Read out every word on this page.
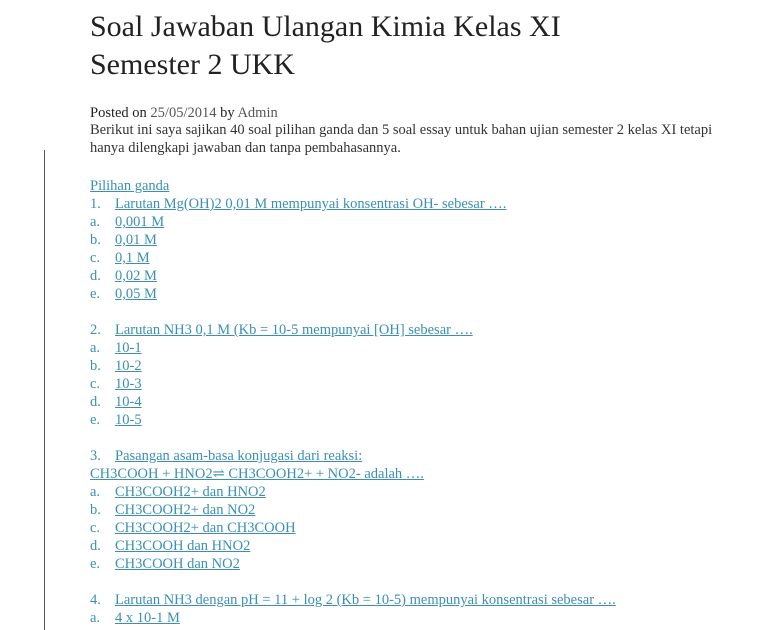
Soal Jawaban Ulangan Kimia Kelas XI
Semester 2 UKK
Posted on 25/05/2014 by Admin

Berikut ini saya sajikan 40 soal pilihan ganda dan 5 soal essay untuk bahan ujian semester 2 kelas XI tetapi hanya dilengkapi jawaban dan tanpa pembahasannya.

Pilihan ganda
1. Larutan Mg(OH)2 0,01 M mempunyai konsentrasi OH- sebesar ….
a. 0,001 M
b. 0,01 M
c. 0,1 M
d. 0,02 M
e. 0,05 M
2. Larutan NH3 0,1 M (Kb = 10-5 mempunyai [OH] sebesar ….
a. 10-1
b. 10-2
c. 10-3
d. 10-4
e. 10-5
3. Pasangan asam-basa konjugasi dari reaksi:
CH3COOH + HNO2⇌ CH3COOH2+ + NO2- adalah ….
a. CH3COOH2+ dan HNO2
b. CH3COOH2+ dan NO2
c. CH3COOH2+ dan CH3COOH
d. CH3COOH dan HNO2
e. CH3COOH dan NO2
4. Larutan NH3 dengan pH = 11 + log 2 (Kb = 10-5) mempunyai konsentrasi sebesar ….
a. 4 x 10-1 M
